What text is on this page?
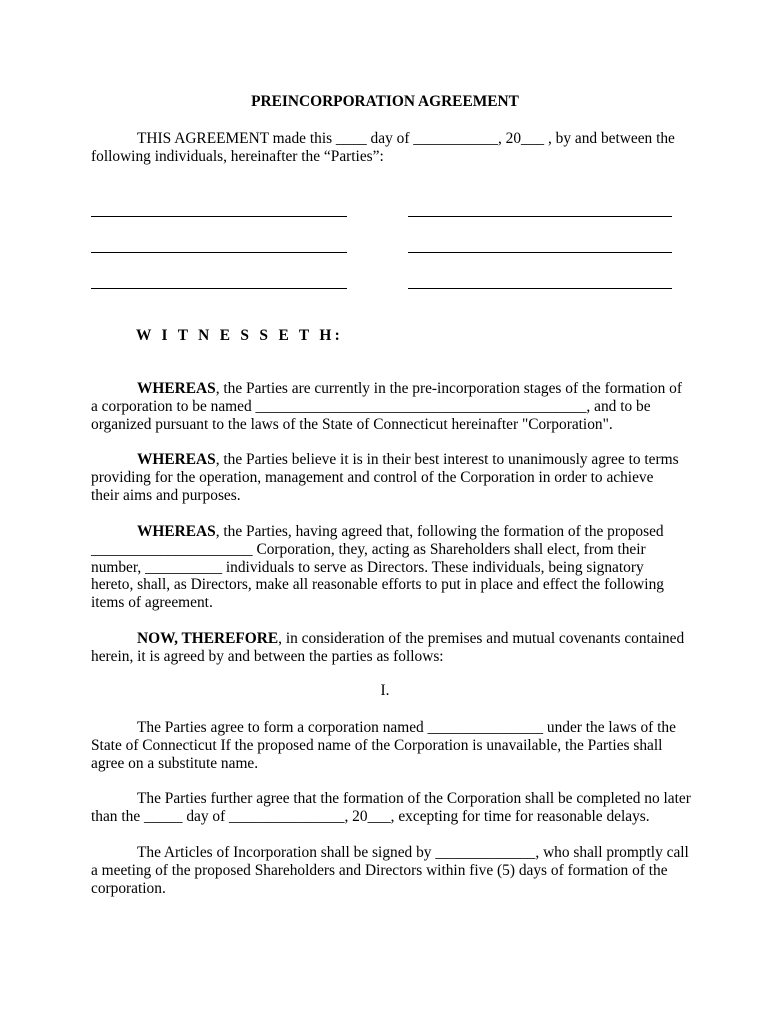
PREINCORPORATION AGREEMENT
THIS AGREEMENT made this ____ day of ___________, 20___ , by and between the
following individuals, hereinafter the “Parties”:
W I T N E S S E T H:
WHEREAS, the Parties are currently in the pre-incorporation stages of the formation of
a corporation to be named ___________________________________________, and to be
organized pursuant to the laws of the State of Connecticut hereinafter "Corporation".
WHEREAS, the Parties believe it is in their best interest to unanimously agree to terms
providing for the operation, management and control of the Corporation in order to achieve
their aims and purposes.
WHEREAS, the Parties, having agreed that, following the formation of the proposed
_____________________ Corporation, they, acting as Shareholders shall elect, from their
number, __________ individuals to serve as Directors. These individuals, being signatory
hereto, shall, as Directors, make all reasonable efforts to put in place and effect the following
items of agreement.
NOW, THEREFORE, in consideration of the premises and mutual covenants contained
herein, it is agreed by and between the parties as follows:
I.
The Parties agree to form a corporation named _______________ under the laws of the
State of Connecticut If the proposed name of the Corporation is unavailable, the Parties shall
agree on a substitute name.
The Parties further agree that the formation of the Corporation shall be completed no later
than the _____ day of _______________, 20___, excepting for time for reasonable delays.
The Articles of Incorporation shall be signed by _____________, who shall promptly call
a meeting of the proposed Shareholders and Directors within five (5) days of formation of the
corporation.
